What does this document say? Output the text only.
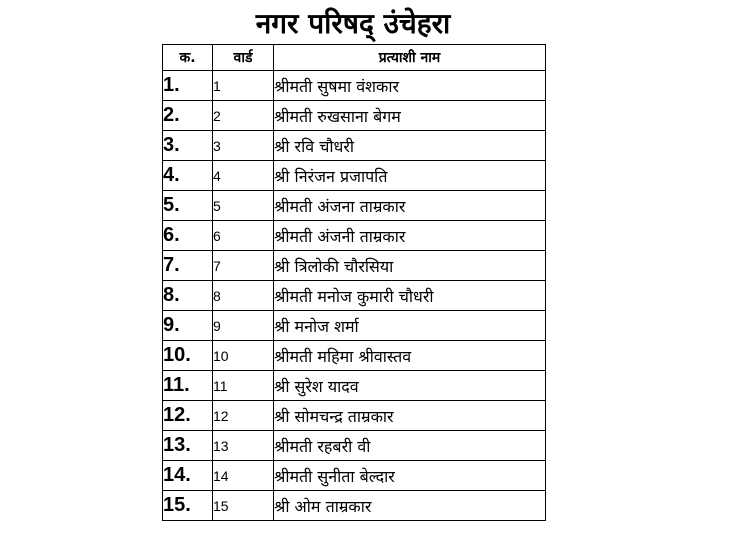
नगर परिषद् उंचेहरा
क.	वार्ड	प्रत्याशी नाम
1.	1	श्रीमती सुषमा वंशकार
2.	2	श्रीमती रुखसाना बेगम
3.	3	श्री रवि चौधरी
4.	4	श्री निरंजन प्रजापति
5.	5	श्रीमती अंजना ताम्रकार
6.	6	श्रीमती अंजनी ताम्रकार
7.	7	श्री त्रिलोकी चौरसिया
8.	8	श्रीमती मनोज कुमारी चौधरी
9.	9	श्री मनोज शर्मा
10.	10	श्रीमती महिमा श्रीवास्तव
11.	11	श्री सुरेश यादव
12.	12	श्री सोमचन्द्र ताम्रकार
13.	13	श्रीमती रहबरी वी
14.	14	श्रीमती सुनीता बेल्दार
15.	15	श्री ओम ताम्रकार
